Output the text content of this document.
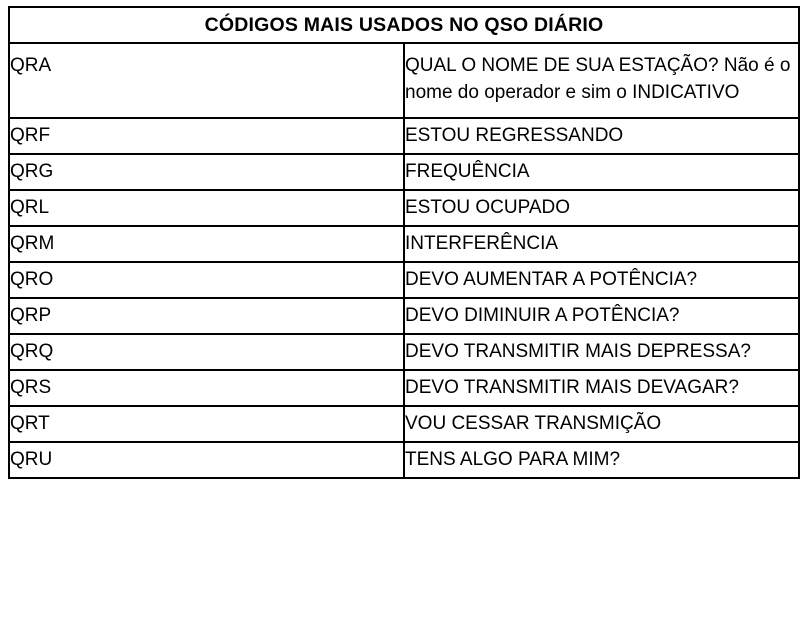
CÓDIGOS MAIS USADOS NO QSO DIÁRIO	
QRA	QUAL O NOME DE SUA ESTAÇÃO? Não é o nome do operador e sim o INDICATIVO
QRF	ESTOU REGRESSANDO
QRG	FREQUÊNCIA
QRL	ESTOU OCUPADO
QRM	INTERFERÊNCIA
QRO	DEVO AUMENTAR A POTÊNCIA?
QRP	DEVO DIMINUIR A POTÊNCIA?
QRQ	DEVO TRANSMITIR MAIS DEPRESSA?
QRS	DEVO TRANSMITIR MAIS DEVAGAR?
QRT	VOU CESSAR TRANSMIÇÃO
QRU	TENS ALGO PARA MIM?
